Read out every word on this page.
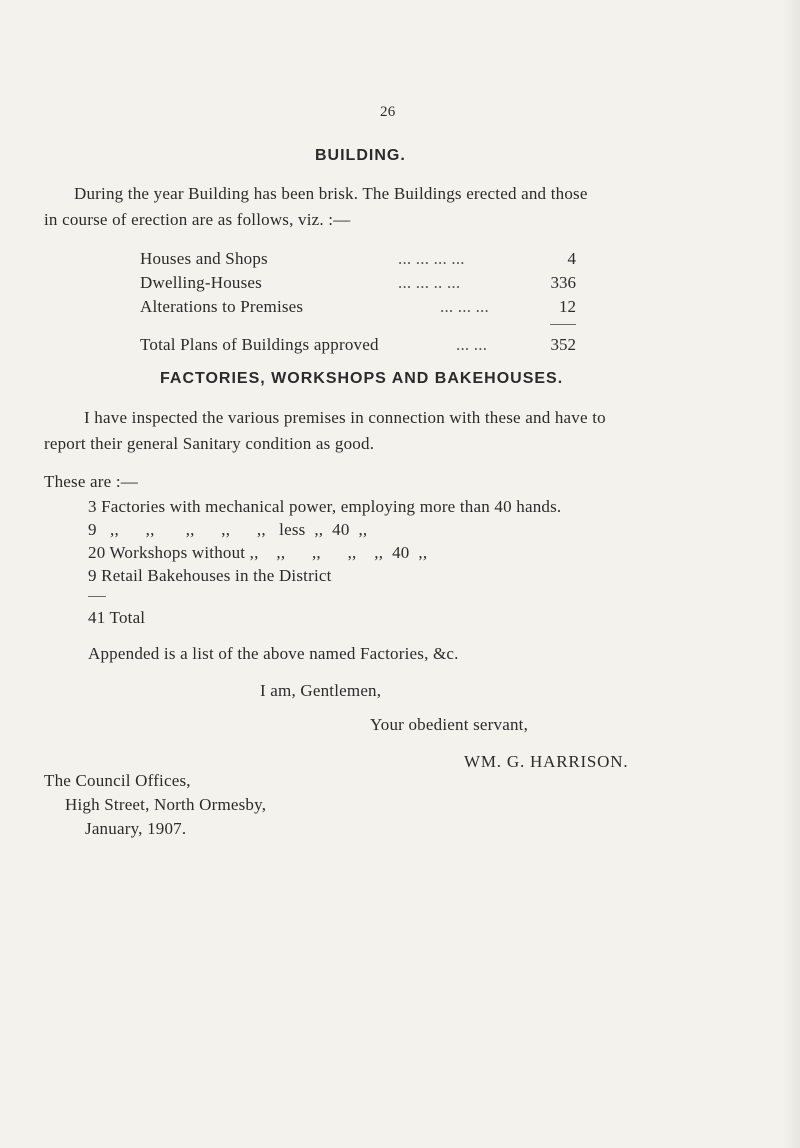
26
BUILDING.
During the year Building has been brisk. The Buildings erected and those
in course of erection are as follows, viz. :—
Houses and Shops	... ... ... ...	4
Dwelling-Houses	... ... .. ...	336
Alterations to Premises	... ... ...	12
Total Plans of Buildings approved	... ...	352
FACTORIES, WORKSHOPS AND BAKEHOUSES.
I have inspected the various premises in connection with these and have to
report their general Sanitary condition as good.
These are :—
3 Factories with mechanical power, employing more than 40 hands.
9   ,,      ,,       ,,      ,,      ,,   less  ,,  40  ,,
20 Workshops without ,,    ,,      ,,      ,,    ,,  40  ,,
9 Retail Bakehouses in the District
41 Total
Appended is a list of the above named Factories, &c.
I am, Gentlemen,
Your obedient servant,
WM. G. HARRISON.
The Council Offices,
High Street, North Ormesby,
January, 1907.
